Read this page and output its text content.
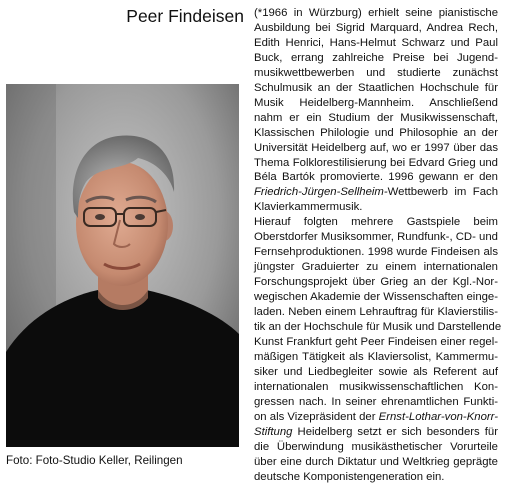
Peer Findeisen
Foto: Foto-Studio Keller, Reilingen
(*1966 in Würzburg) erhielt seine pianistische
Ausbildung bei Sigrid Marquard, Andrea Rech,
Edith Henrici, Hans-Helmut Schwarz und Paul
Buck, errang zahlreiche Preise bei Jugend-
musikwettbewerben und studierte zunächst
Schulmusik an der Staatlichen Hochschule für
Musik Heidelberg-Mannheim. Anschließend
nahm er ein Studium der Musikwissenschaft,
Klassischen Philologie und Philosophie an der
Universität Heidelberg auf, wo er 1997 über das
Thema Folklorestilisierung bei Edvard Grieg und
Béla Bartók promovierte. 1996 gewann er den
Friedrich-Jürgen-Sellheim-Wettbewerb im Fach
Klavierkammermusik.
Hierauf folgten mehrere Gastspiele beim
Oberstdorfer Musiksommer, Rundfunk-, CD- und
Fernsehproduktionen. 1998 wurde Findeisen als
jüngster Graduierter zu einem internationalen
Forschungsprojekt über Grieg an der Kgl.-Nor-
wegischen Akademie der Wissenschaften einge-
laden. Neben einem Lehrauftrag für Klavierstilis-
tik an der Hochschule für Musik und Darstellende
Kunst Frankfurt geht Peer Findeisen einer regel-
mäßigen Tätigkeit als Klaviersolist, Kammermu-
siker und Liedbegleiter sowie als Referent auf
internationalen musikwissenschaftlichen Kon-
gressen nach. In seiner ehrenamtlichen Funkti-
on als Vizepräsident der Ernst-Lothar-von-Knorr-
Stiftung Heidelberg setzt er sich besonders für
die Überwindung musikästhetischer Vorurteile
über eine durch Diktatur und Weltkrieg geprägte
deutsche Komponistengeneration ein.
